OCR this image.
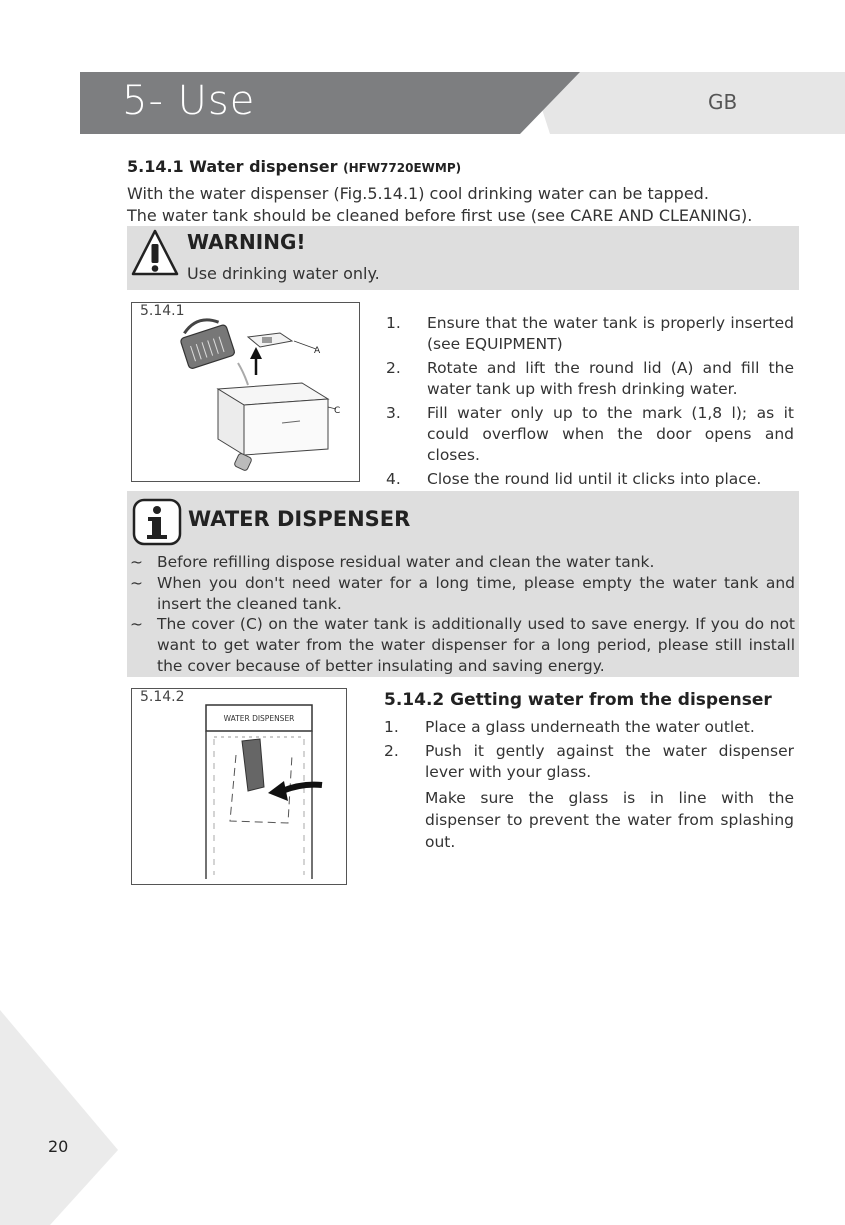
5- Use	GB
5.14.1 Water dispenser (HFW7720EWMP)
With the water dispenser (Fig.5.14.1) cool drinking water can be tapped.
The water tank should be cleaned before first use (see CARE AND CLEANING).
WARNING!
Use drinking water only.
5.14.1
A
C
1. Ensure that the water tank is properly inserted (see EQUIPMENT)
2. Rotate and lift the round lid (A) and fill the water tank up with fresh drinking water.
3. Fill water only up to the mark (1,8 l); as it could overflow when the door opens and closes.
4. Close the round lid until it clicks into place.
WATER DISPENSER
~ Before refilling dispose residual water and clean the water tank.
~ When you don't need water for a long time, please empty the water tank and insert the cleaned tank.
~ The cover (C) on the water tank is additionally used to save energy. If you do not want to get water from the water dispenser for a long period, please still install the cover because of better insulating and saving energy.
5.14.2
WATER DISPENSER
5.14.2 Getting water from the dispenser
1. Place a glass underneath the water outlet.
2. Push it gently against the water dispenser lever with your glass.
Make sure the glass is in line with the dispenser to prevent the water from splashing out.
20
